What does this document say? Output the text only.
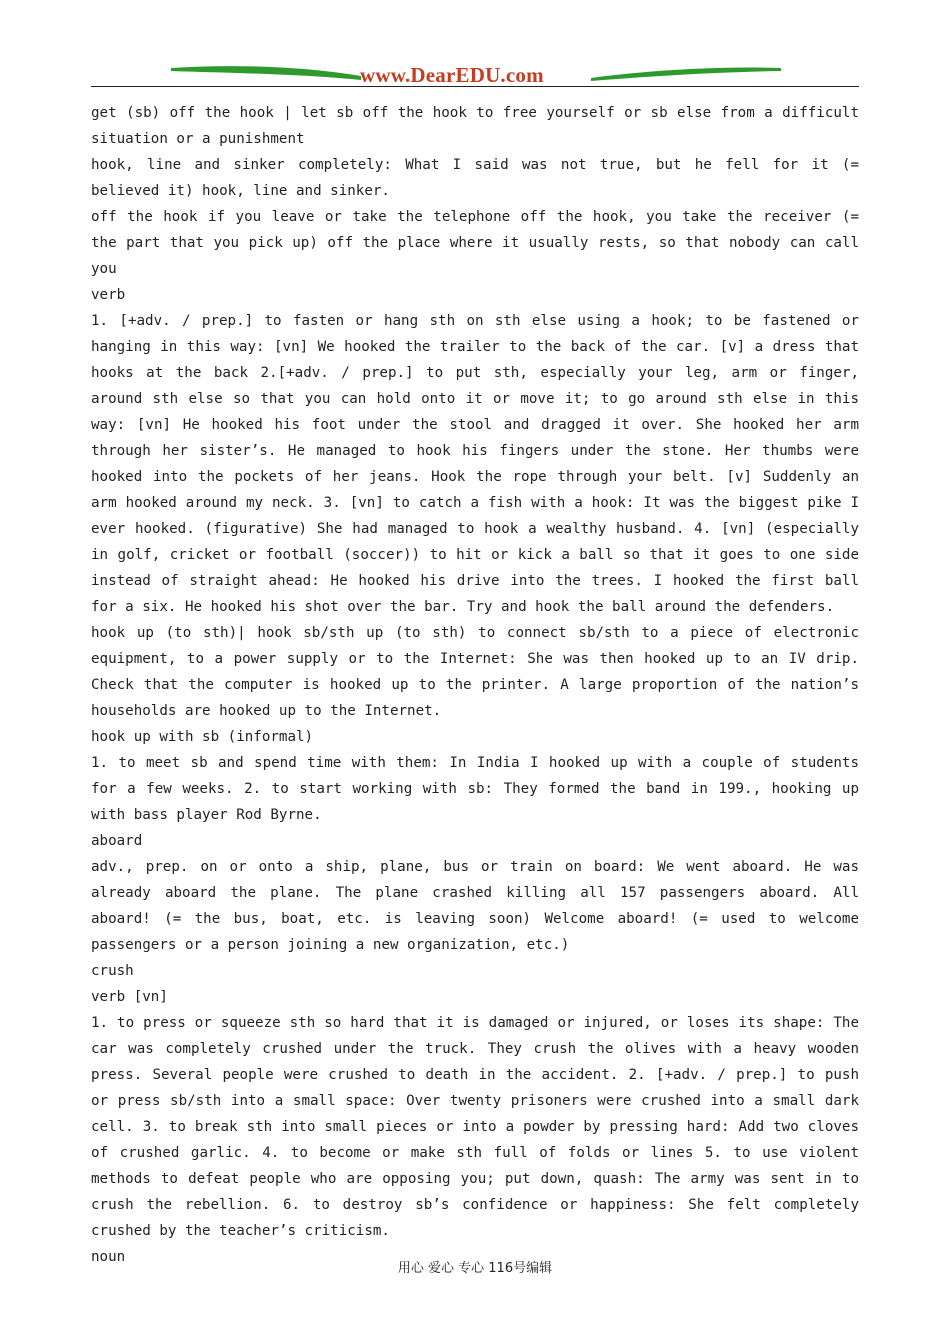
www.DearEDU.com

get (sb) off the hook | let sb off the hook to free yourself or sb else from a difficult situation or a punishment

hook, line and sinker completely: What I said was not true, but he fell for it (= believed it) hook, line and sinker.

off the hook if you leave or take the telephone off the hook, you take the receiver (= the part that you pick up) off the place where it usually rests, so that nobody can call you

verb

1. [+adv. / prep.] to fasten or hang sth on sth else using a hook; to be fastened or hanging in this way: [vn] We hooked the trailer to the back of the car. [v] a dress that hooks at the back 2.[+adv. / prep.] to put sth, especially your leg, arm or finger, around sth else so that you can hold onto it or move it; to go around sth else in this way: [vn] He hooked his foot under the stool and dragged it over. She hooked her arm through her sister’s. He managed to hook his fingers under the stone. Her thumbs were hooked into the pockets of her jeans. Hook the rope through your belt. [v] Suddenly an arm hooked around my neck. 3. [vn] to catch a fish with a hook: It was the biggest pike I ever hooked. (figurative) She had managed to hook a wealthy husband. 4. [vn] (especially in golf, cricket or football (soccer)) to hit or kick a ball so that it goes to one side instead of straight ahead: He hooked his drive into the trees. I hooked the first ball for a six. He hooked his shot over the bar. Try and hook the ball around the defenders.

hook up (to sth)| hook sb/sth up (to sth) to connect sb/sth to a piece of electronic equipment, to a power supply or to the Internet: She was then hooked up to an IV drip. Check that the computer is hooked up to the printer. A large proportion of the nation’s households are hooked up to the Internet.

hook up with sb (informal)

1. to meet sb and spend time with them: In India I hooked up with a couple of students for a few weeks. 2. to start working with sb: They formed the band in 199., hooking up with bass player Rod Byrne.

aboard

adv., prep. on or onto a ship, plane, bus or train on board: We went aboard. He was already aboard the plane. The plane crashed killing all 157 passengers aboard. All aboard! (= the bus, boat, etc. is leaving soon) Welcome aboard! (= used to welcome passengers or a person joining a new organization, etc.)

crush

verb [vn]

1. to press or squeeze sth so hard that it is damaged or injured, or loses its shape: The car was completely crushed under the truck. They crush the olives with a heavy wooden press. Several people were crushed to death in the accident. 2. [+adv. / prep.] to push or press sb/sth into a small space: Over twenty prisoners were crushed into a small dark cell. 3. to break sth into small pieces or into a powder by pressing hard: Add two cloves of crushed garlic. 4. to become or make sth full of folds or lines 5. to use violent methods to defeat people who are opposing you; put down, quash: The army was sent in to crush the rebellion. 6. to destroy sb’s confidence or happiness: She felt completely crushed by the teacher’s criticism.

noun

用心 爱心 专心 116号编辑
